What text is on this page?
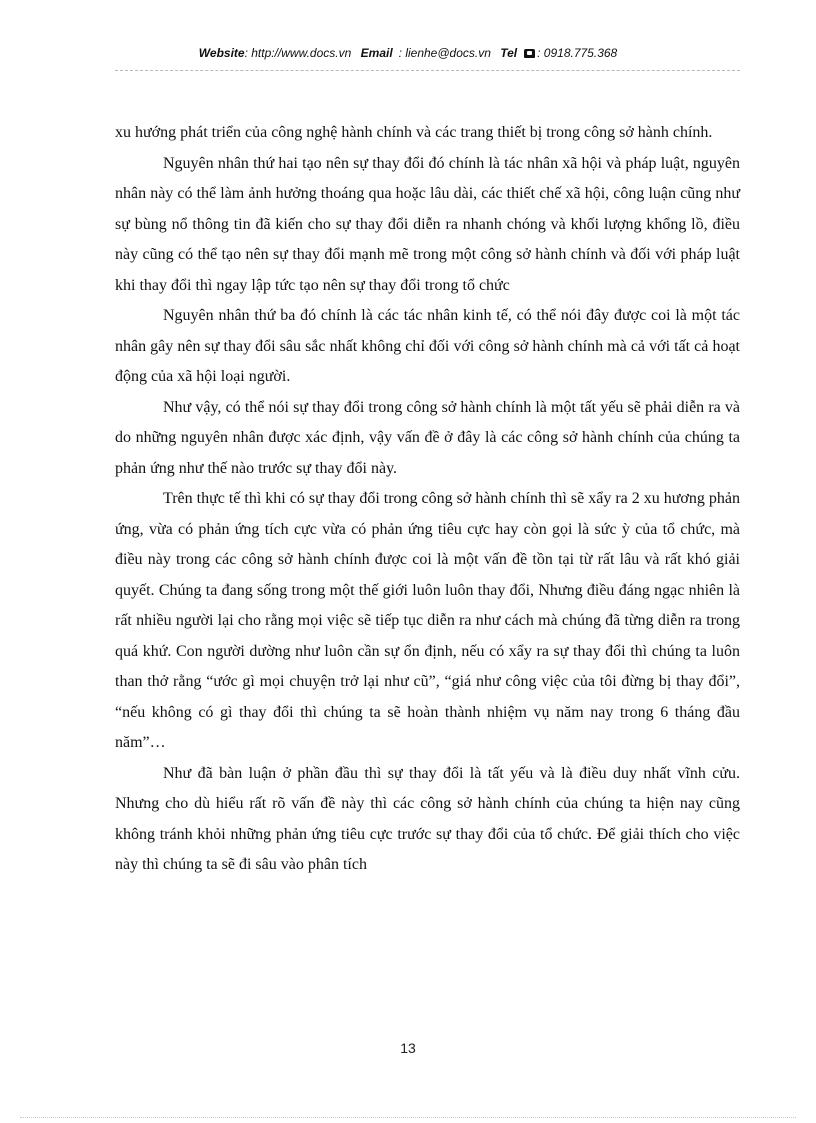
Website: http://www.docs.vn Email : lienhe@docs.vn Tel : 0918.775.368

xu hướng phát triển của công nghệ hành chính và các trang thiết bị trong công sở hành chính.

Nguyên nhân thứ hai tạo nên sự thay đổi đó chính là tác nhân xã hội và pháp luật, nguyên nhân này có thể làm ảnh hưởng thoáng qua hoặc lâu dài, các thiết chế xã hội, công luận cũng như sự bùng nổ thông tin đã kiến cho sự thay đổi diễn ra nhanh chóng và khối lượng khổng lồ, điều này cũng có thể tạo nên sự thay đổi mạnh mẽ trong một công sở hành chính và đối với pháp luật khi thay đổi thì ngay lập tức tạo nên sự thay đổi trong tổ chức

Nguyên nhân thứ ba đó chính là các tác nhân kinh tế, có thể nói đây được coi là một tác nhân gây nên sự thay đổi sâu sắc nhất không chỉ đối với công sở hành chính mà cả với tất cả hoạt động của xã hội loại người.

Như vậy, có thể nói sự thay đổi trong công sở hành chính là một tất yếu sẽ phải diễn ra và do những nguyên nhân được xác định, vậy vấn đề ở đây là các công sở hành chính của chúng ta phản ứng như thế nào trước sự thay đổi này.

Trên thực tế thì khi có sự thay đổi trong công sở hành chính thì sẽ xẩy ra 2 xu hương phản ứng, vừa có phản ứng tích cực vừa có phản ứng tiêu cực hay còn gọi là sức ỳ của tổ chức, mà điều này trong các công sở hành chính được coi là một vấn đề tồn tại từ rất lâu và rất khó giải quyết. Chúng ta đang sống trong một thế giới luôn luôn thay đổi, Nhưng điều đáng ngạc nhiên là rất nhiều người lại cho rằng mọi việc sẽ tiếp tục diễn ra như cách mà chúng đã từng diễn ra trong quá khứ. Con người dường như luôn cần sự ổn định, nếu có xẩy ra sự thay đổi thì chúng ta luôn than thở rằng “ước gì mọi chuyện trở lại như cũ”, “giá như công việc của tôi đừng bị thay đổi”, “nếu không có gì thay đổi thì chúng ta sẽ hoàn thành nhiệm vụ năm nay trong 6 tháng đầu năm”…

Như đã bàn luận ở phần đầu thì sự thay đổi là tất yếu và là điều duy nhất vĩnh cửu. Nhưng cho dù hiểu rất rõ vấn đề này thì các công sở hành chính của chúng ta hiện nay cũng không tránh khỏi những phản ứng tiêu cực trước sự thay đổi của tổ chức. Để giải thích cho việc này thì chúng ta sẽ đi sâu vào phân tích

13
